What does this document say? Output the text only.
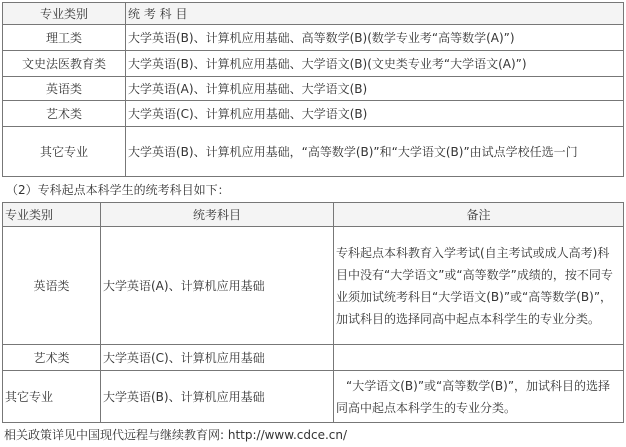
专业类别	统 考 科 目
理工类	大学英语(B)、计算机应用基础、高等数学(B)(数学专业考“高等数学(A)”)
文史法医教育类	大学英语(B)、计算机应用基础、大学语文(B)(文史类专业考“大学语文(A)”)
英语类	大学英语(A)、计算机应用基础、大学语文(B)
艺术类	大学英语(C)、计算机应用基础、大学语文(B)
其它专业	大学英语(B)、计算机应用基础，“高等数学(B)”和“大学语文(B)”由试点学校任选一门
（2）专科起点本科学生的统考科目如下：
专业类别	统考科目	备注
英语类	大学英语(A)、计算机应用基础	专科起点本科教育入学考试(自主考试或成人高考)科目中没有“大学语文”或“高等数学”成绩的，按不同专业须加试统考科目“大学语文(B)”或“高等数学(B)”，加试科目的选择同高中起点本科学生的专业分类。
艺术类	大学英语(C)、计算机应用基础	
其它专业	大学英语(B)、计算机应用基础	“大学语文(B)”或“高等数学(B)”，加试科目的选择同高中起点本科学生的专业分类。
相关政策详见中国现代远程与继续教育网: http://www.cdce.cn/
